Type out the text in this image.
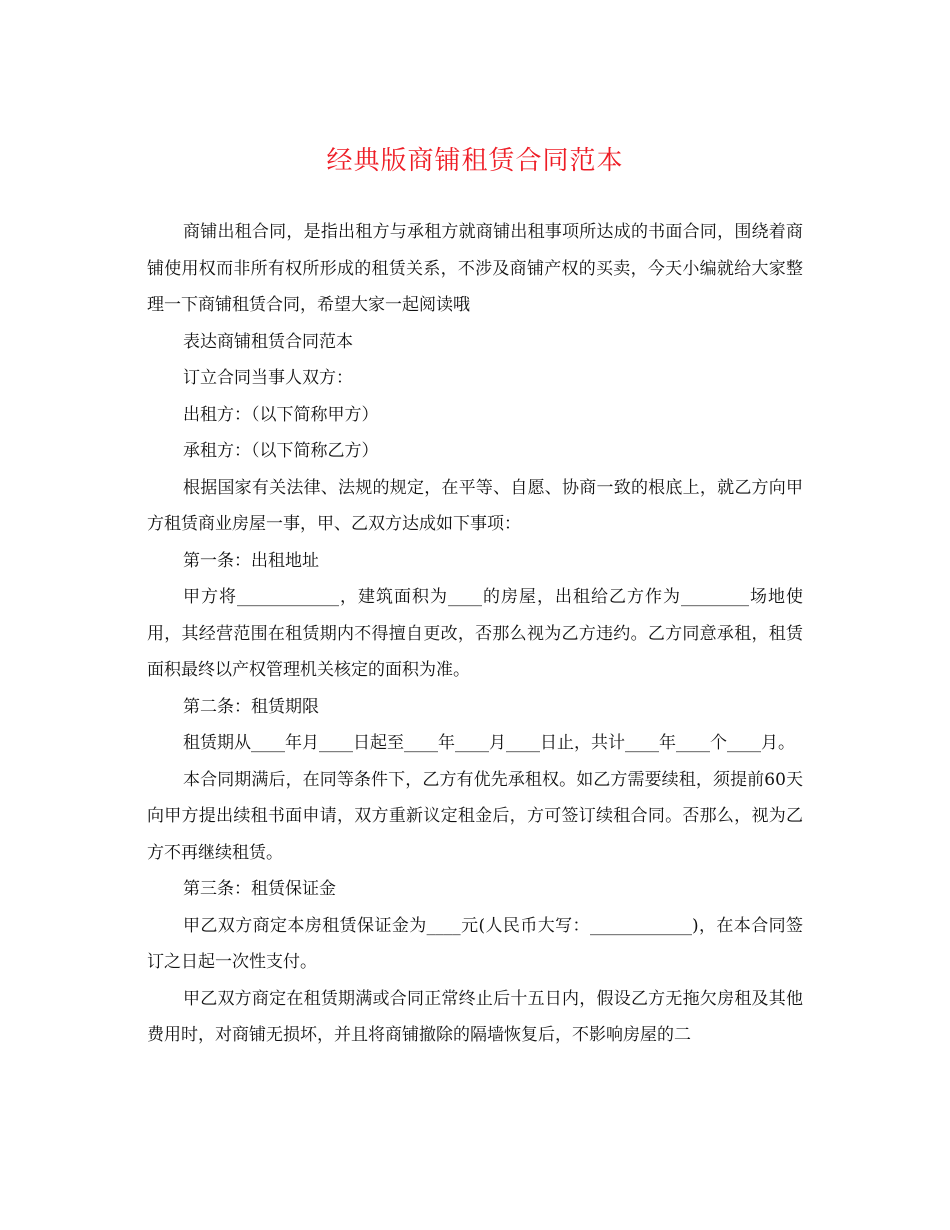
经典版商铺租赁合同范本

商铺出租合同，是指出租方与承租方就商铺出租事项所达成的书面合同，围绕着商铺使用权而非所有权所形成的租赁关系，不涉及商铺产权的买卖，今天小编就给大家整理一下商铺租赁合同，希望大家一起阅读哦

表达商铺租赁合同范本

订立合同当事人双方：

出租方：（以下简称甲方）

承租方：（以下简称乙方）

根据国家有关法律、法规的规定，在平等、自愿、协商一致的根底上，就乙方向甲方租赁商业房屋一事，甲、乙双方达成如下事项：

第一条：出租地址

甲方将____________，建筑面积为____的房屋，出租给乙方作为________场地使用，其经营范围在租赁期内不得擅自更改，否那么视为乙方违约。乙方同意承租，租赁面积最终以产权管理机关核定的面积为准。

第二条：租赁期限

租赁期从____年月____日起至____年____月____日止，共计____年____个____月。

本合同期满后，在同等条件下，乙方有优先承租权。如乙方需要续租，须提前60天向甲方提出续租书面申请，双方重新议定租金后，方可签订续租合同。否那么，视为乙方不再继续租赁。

第三条：租赁保证金

甲乙双方商定本房租赁保证金为____元(人民币大写：____________)，在本合同签订之日起一次性支付。

甲乙双方商定在租赁期满或合同正常终止后十五日内，假设乙方无拖欠房租及其他费用时，对商铺无损坏，并且将商铺撤除的隔墙恢复后，不影响房屋的二
